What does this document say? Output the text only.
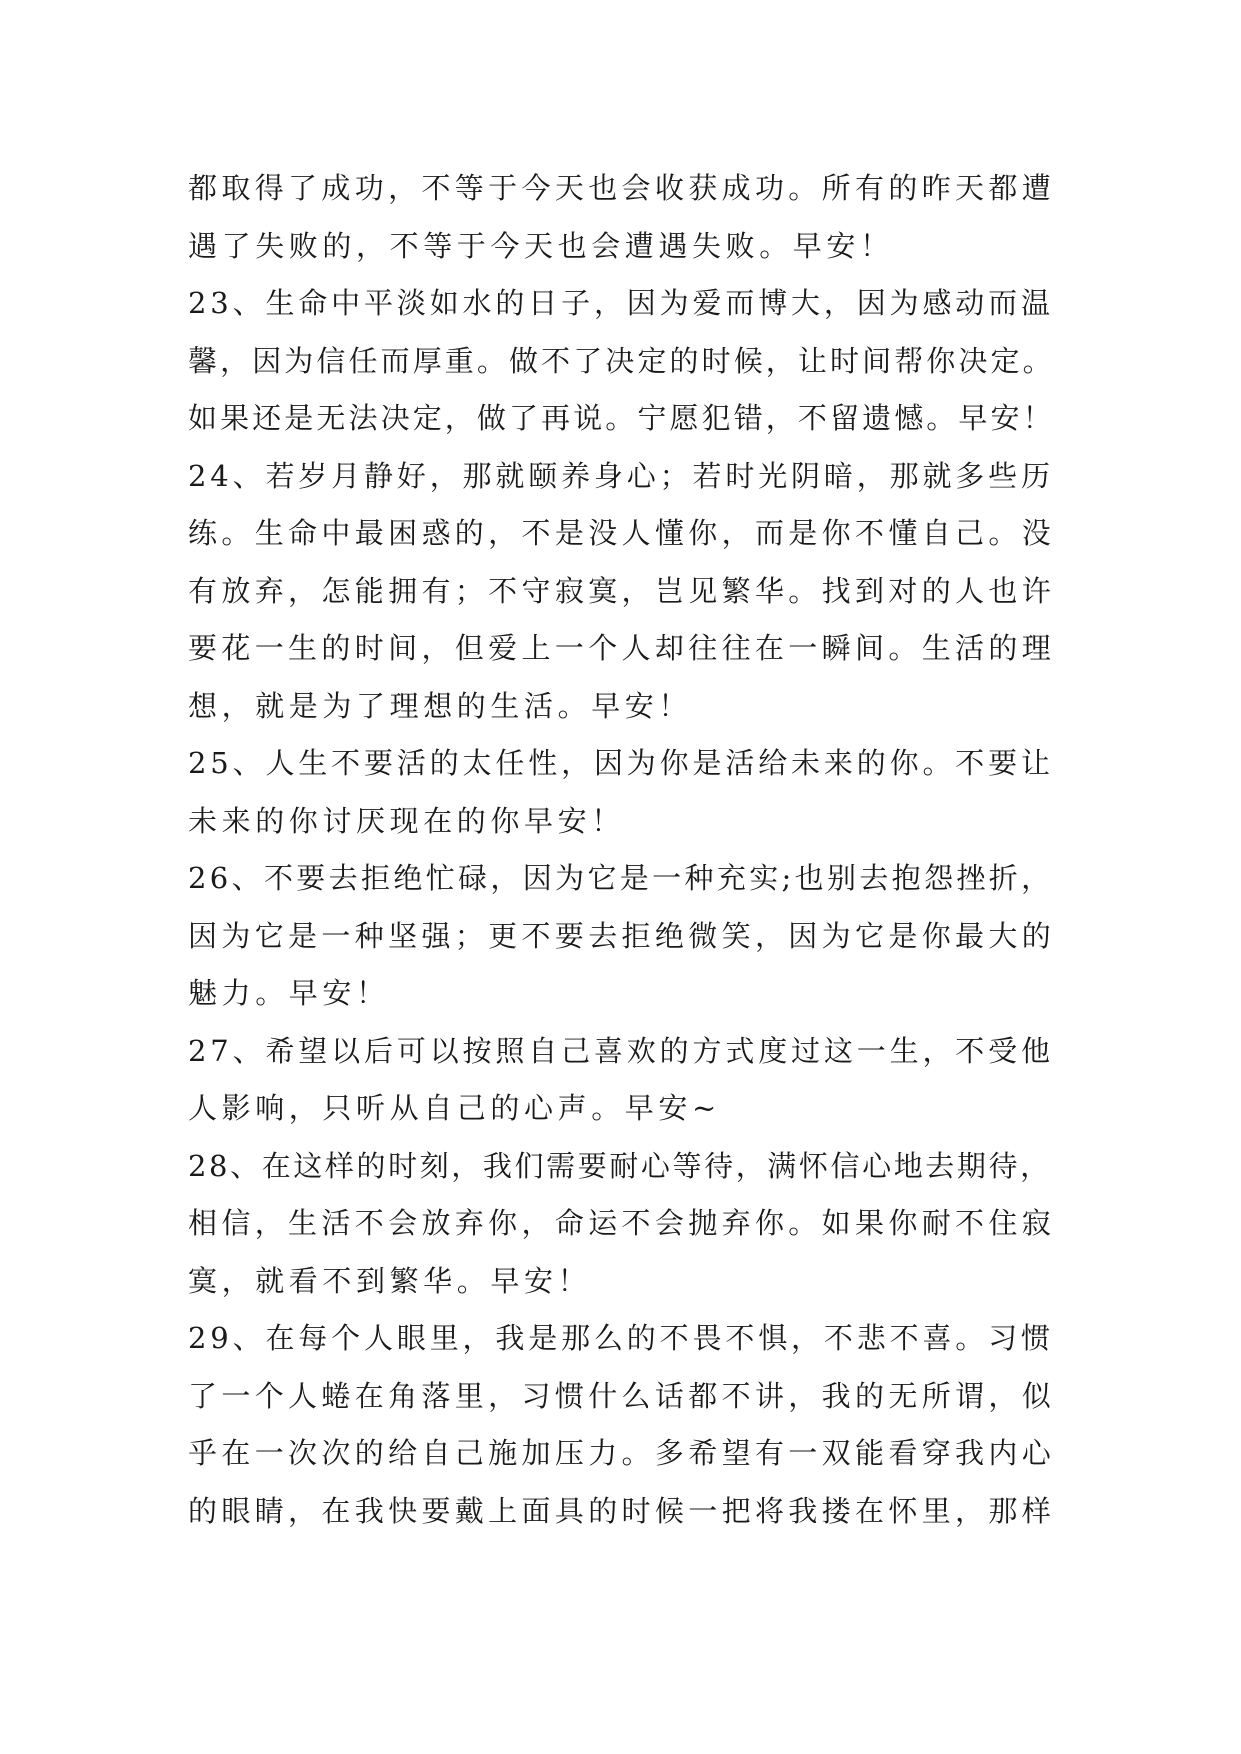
都取得了成功，不等于今天也会收获成功。所有的昨天都遭
遇了失败的，不等于今天也会遭遇失败。早安！
23、生命中平淡如水的日子，因为爱而博大，因为感动而温
馨，因为信任而厚重。做不了决定的时候，让时间帮你决定。
如果还是无法决定，做了再说。宁愿犯错，不留遗憾。早安！
24、若岁月静好，那就颐养身心；若时光阴暗，那就多些历
练。生命中最困惑的，不是没人懂你，而是你不懂自己。没
有放弃，怎能拥有；不守寂寞，岂见繁华。找到对的人也许
要花一生的时间，但爱上一个人却往往在一瞬间。生活的理
想，就是为了理想的生活。早安！
25、人生不要活的太任性，因为你是活给未来的你。不要让
未来的你讨厌现在的你早安！
26、不要去拒绝忙碌，因为它是一种充实;也别去抱怨挫折，
因为它是一种坚强；更不要去拒绝微笑，因为它是你最大的
魅力。早安！
27、希望以后可以按照自己喜欢的方式度过这一生，不受他
人影响，只听从自己的心声。早安~
28、在这样的时刻，我们需要耐心等待，满怀信心地去期待，
相信，生活不会放弃你，命运不会抛弃你。如果你耐不住寂
寞，就看不到繁华。早安！
29、在每个人眼里，我是那么的不畏不惧，不悲不喜。习惯
了一个人蜷在角落里，习惯什么话都不讲，我的无所谓，似
乎在一次次的给自己施加压力。多希望有一双能看穿我内心
的眼睛，在我快要戴上面具的时候一把将我搂在怀里，那样
